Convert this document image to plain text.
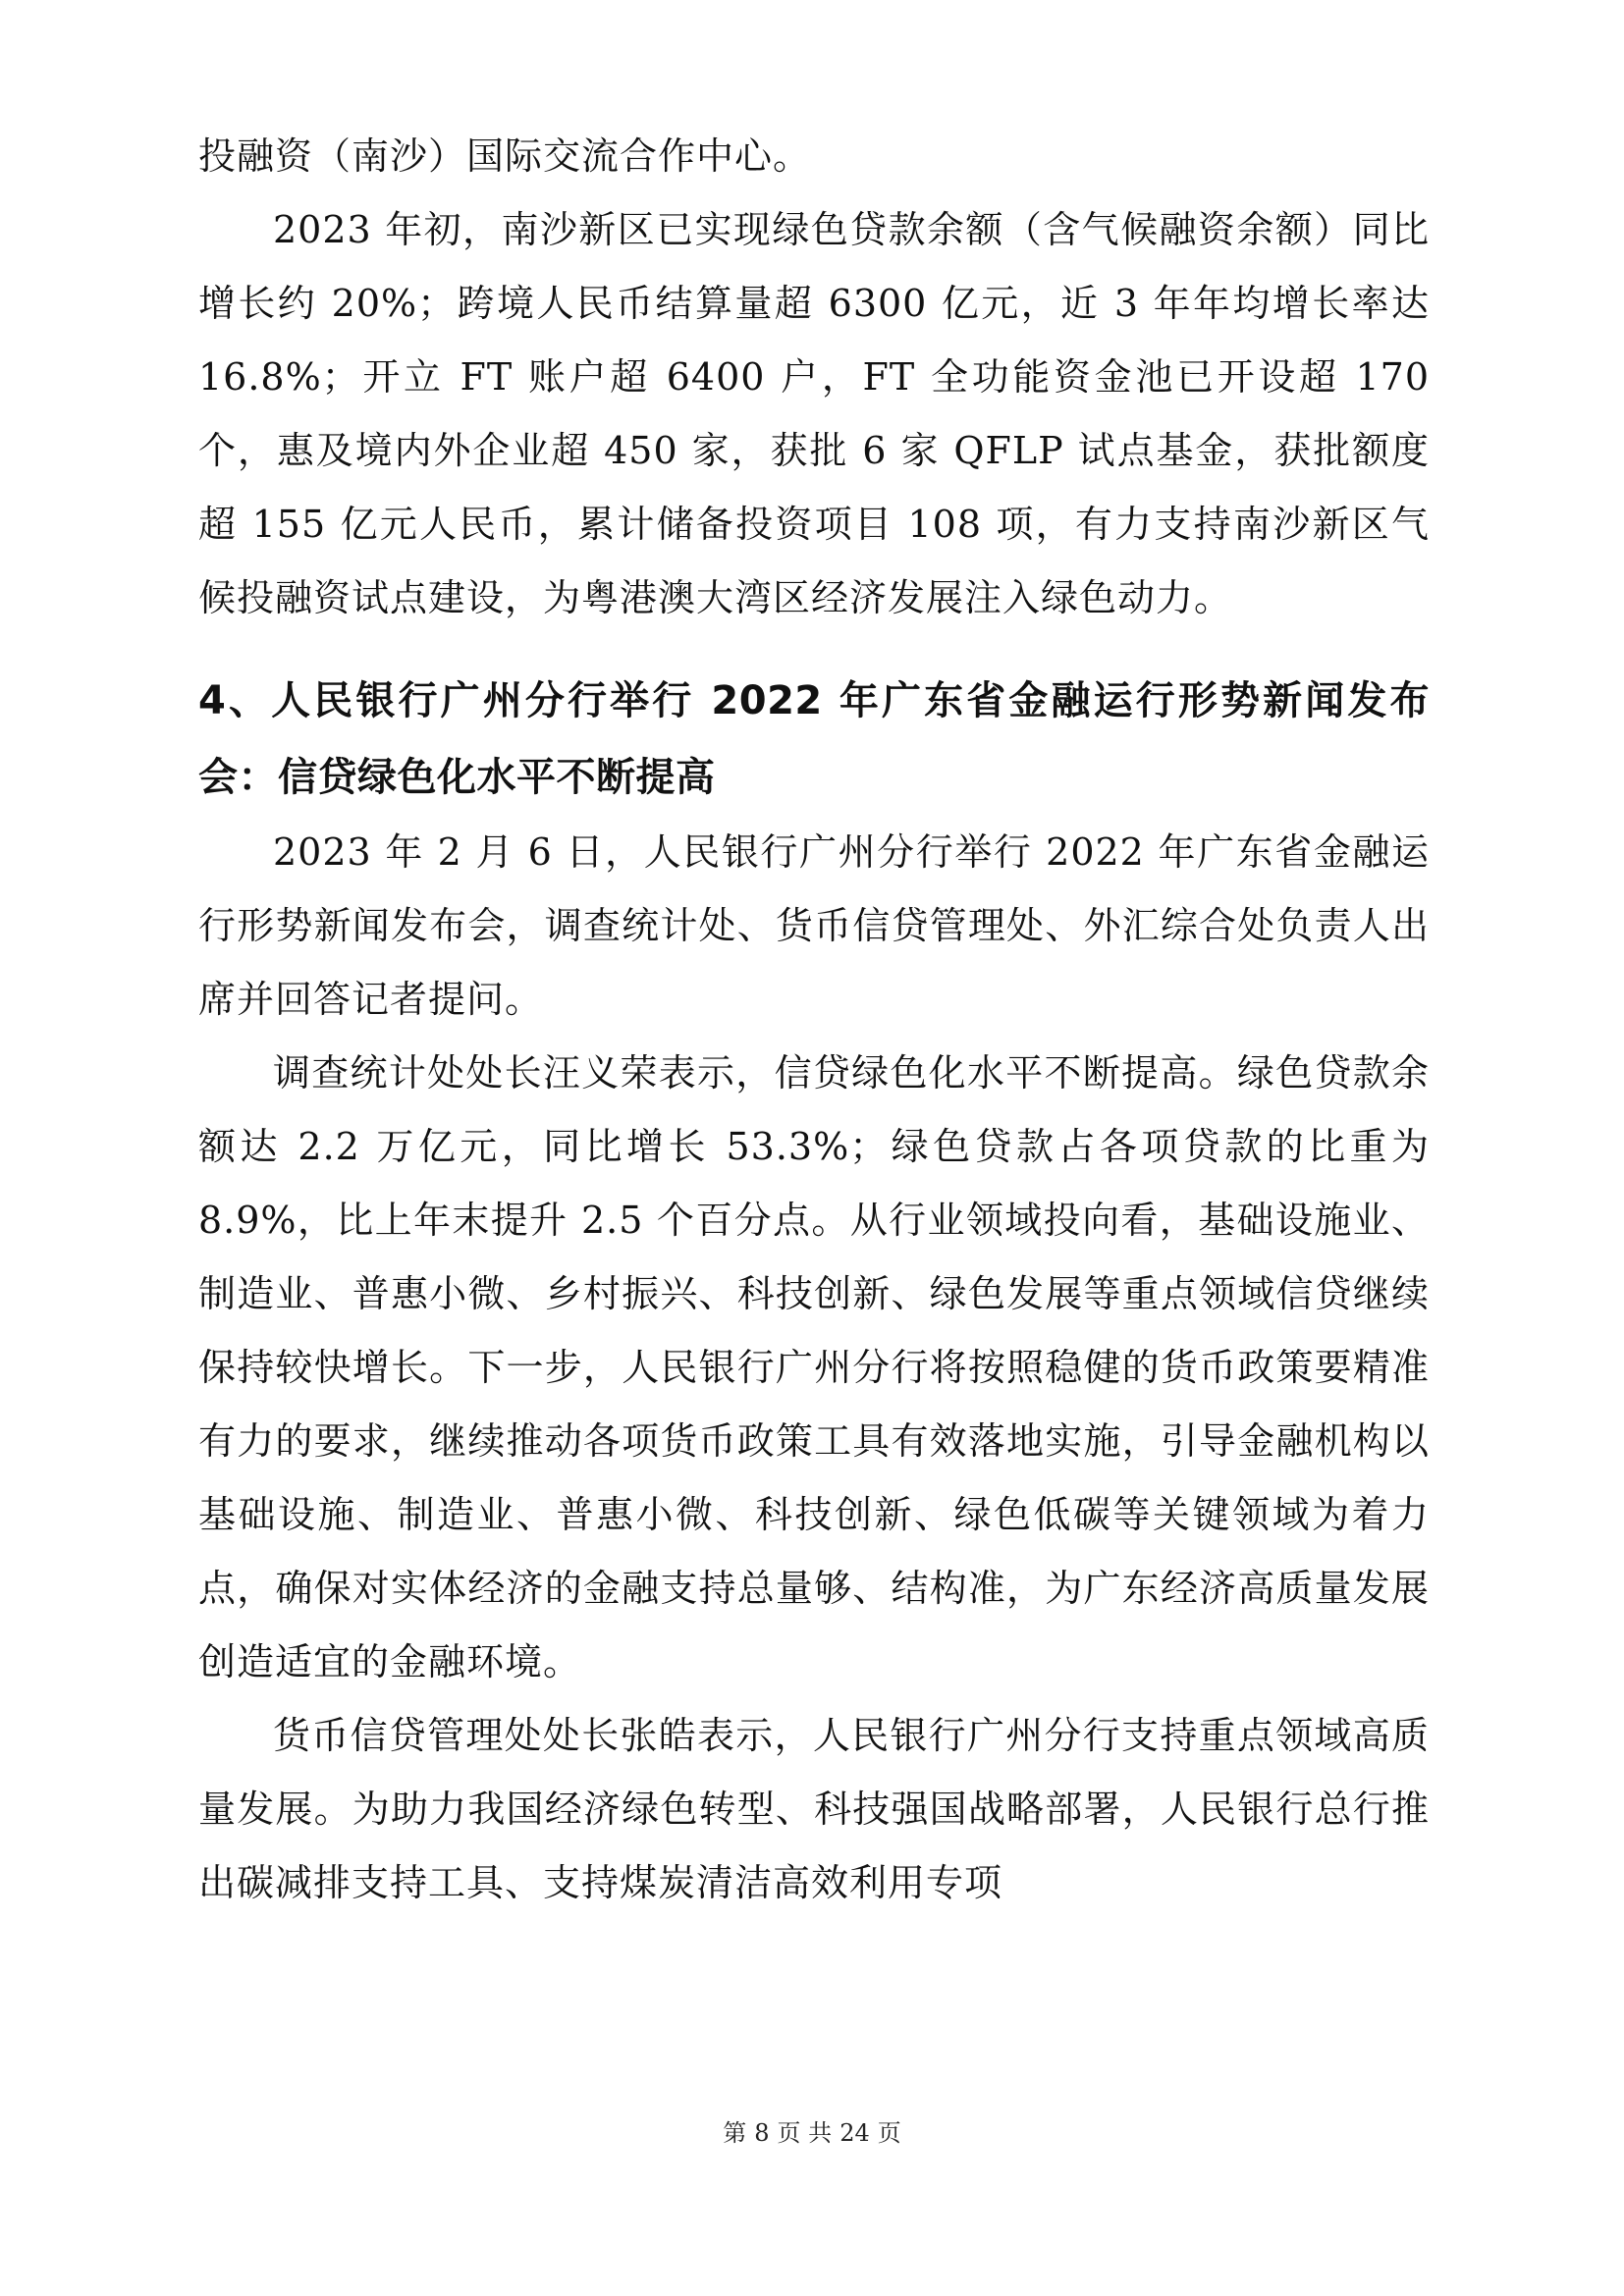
投融资（南沙）国际交流合作中心。

2023 年初，南沙新区已实现绿色贷款余额（含气候融资余额）同比增长约 20%；跨境人民币结算量超 6300 亿元，近 3 年年均增长率达 16.8%；开立 FT 账户超 6400 户，FT 全功能资金池已开设超 170 个，惠及境内外企业超 450 家，获批 6 家 QFLP 试点基金，获批额度超 155 亿元人民币，累计储备投资项目 108 项，有力支持南沙新区气候投融资试点建设，为粤港澳大湾区经济发展注入绿色动力。

4、人民银行广州分行举行 2022 年广东省金融运行形势新闻发布会：信贷绿色化水平不断提高

2023 年 2 月 6 日，人民银行广州分行举行 2022 年广东省金融运行形势新闻发布会，调查统计处、货币信贷管理处、外汇综合处负责人出席并回答记者提问。

调查统计处处长汪义荣表示，信贷绿色化水平不断提高。绿色贷款余额达 2.2 万亿元，同比增长 53.3%；绿色贷款占各项贷款的比重为 8.9%，比上年末提升 2.5 个百分点。从行业领域投向看，基础设施业、制造业、普惠小微、乡村振兴、科技创新、绿色发展等重点领域信贷继续保持较快增长。下一步，人民银行广州分行将按照稳健的货币政策要精准有力的要求，继续推动各项货币政策工具有效落地实施，引导金融机构以基础设施、制造业、普惠小微、科技创新、绿色低碳等关键领域为着力点，确保对实体经济的金融支持总量够、结构准，为广东经济高质量发展创造适宜的金融环境。

货币信贷管理处处长张皓表示，人民银行广州分行支持重点领域高质量发展。为助力我国经济绿色转型、科技强国战略部署，人民银行总行推出碳减排支持工具、支持煤炭清洁高效利用专项

第 8 页 共 24 页
